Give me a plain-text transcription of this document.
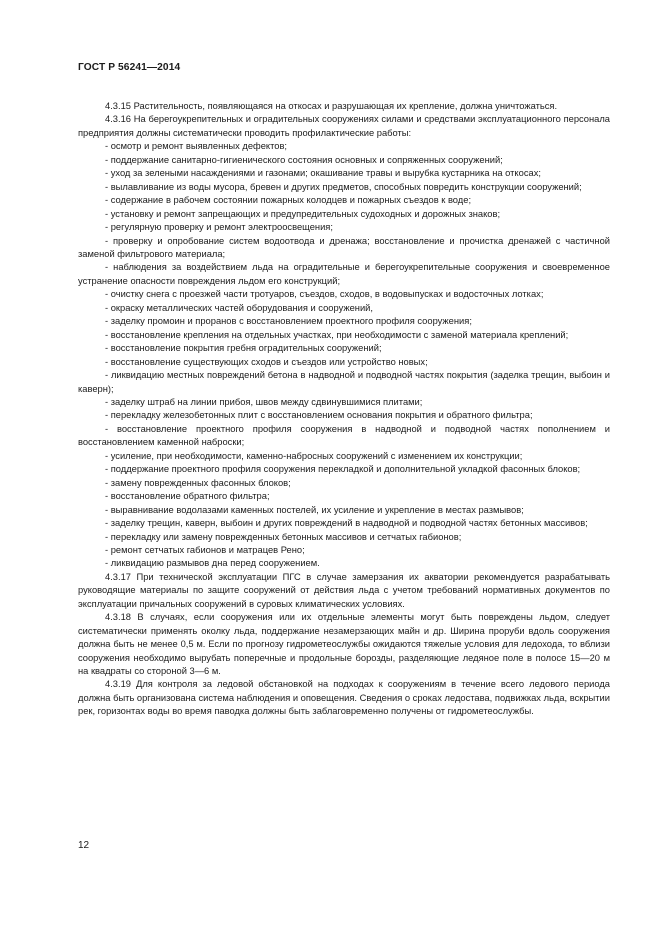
ГОСТ Р 56241—2014

4.3.15 Растительность, появляющаяся на откосах и разрушающая их крепление, должна уничтожаться.

4.3.16 На берегоукрепительных и оградительных сооружениях силами и средствами эксплуатационного персонала предприятия должны систематически проводить профилактические работы:

- осмотр и ремонт выявленных дефектов;

- поддержание санитарно-гигиенического состояния основных и сопряженных сооружений;

- уход за зелеными насаждениями и газонами; окашивание травы и вырубка кустарника на откосах;

- вылавливание из воды мусора, бревен и других предметов, способных повредить конструкции сооружений;

- содержание в рабочем состоянии пожарных колодцев и пожарных съездов к воде;

- установку и ремонт запрещающих и предупредительных судоходных и дорожных знаков;

- регулярную проверку и ремонт электроосвещения;

- проверку и опробование систем водоотвода и дренажа; восстановление и прочистка дренажей с частичной заменой фильтрового материала;

- наблюдения за воздействием льда на оградительные и берегоукрепительные сооружения и своевременное устранение опасности повреждения льдом его конструкций;

- очистку снега с проезжей части тротуаров, съездов, сходов, в водовыпусках и водосточных лотках;

- окраску металлических частей оборудования и сооружений,

- заделку промоин и проранов с восстановлением проектного профиля сооружения;

- восстановление крепления на отдельных участках, при необходимости с заменой материала креплений;

- восстановление покрытия гребня оградительных сооружений;

- восстановление существующих сходов и съездов или устройство новых;

- ликвидацию местных повреждений бетона в надводной и подводной частях покрытия (заделка трещин, выбоин и каверн);

- заделку штраб на линии прибоя, швов между сдвинувшимися плитами;

- перекладку железобетонных плит с восстановлением основания покрытия и обратного фильтра;

- восстановление проектного профиля сооружения в надводной и подводной частях пополнением и восстановлением каменной наброски;

- усиление, при необходимости, каменно-набросных сооружений с изменением их конструкции;

- поддержание проектного профиля сооружения перекладкой и дополнительной укладкой фасонных блоков;

- замену поврежденных фасонных блоков;

- восстановление обратного фильтра;

- выравнивание водолазами каменных постелей, их усиление и укрепление в местах размывов;

- заделку трещин, каверн, выбоин и других повреждений в надводной и подводной частях бетонных массивов;

- перекладку или замену поврежденных бетонных массивов и сетчатых габионов;

- ремонт сетчатых габионов и матрацев Рено;

- ликвидацию размывов дна перед сооружением.

4.3.17 При технической эксплуатации ПГС в случае замерзания их акватории рекомендуется разрабатывать руководящие материалы по защите сооружений от действия льда с учетом требований нормативных документов по эксплуатации причальных сооружений в суровых климатических условиях.

4.3.18 В случаях, если сооружения или их отдельные элементы могут быть повреждены льдом, следует систематически применять околку льда, поддержание незамерзающих майн и др. Ширина проруби вдоль сооружения должна быть не менее 0,5 м. Если по прогнозу гидрометеослужбы ожидаются тяжелые условия для ледохода, то вблизи сооружения необходимо вырубать поперечные и продольные борозды, разделяющие ледяное поле в полосе 15—20 м на квадраты со стороной 3—6 м.

4.3.19 Для контроля за ледовой обстановкой на подходах к сооружениям в течение всего ледового периода должна быть организована система наблюдения и оповещения. Сведения о сроках ледостава, подвижках льда, вскрытии рек, горизонтах воды во время паводка должны быть заблаговременно получены от гидрометеослужбы.

12
